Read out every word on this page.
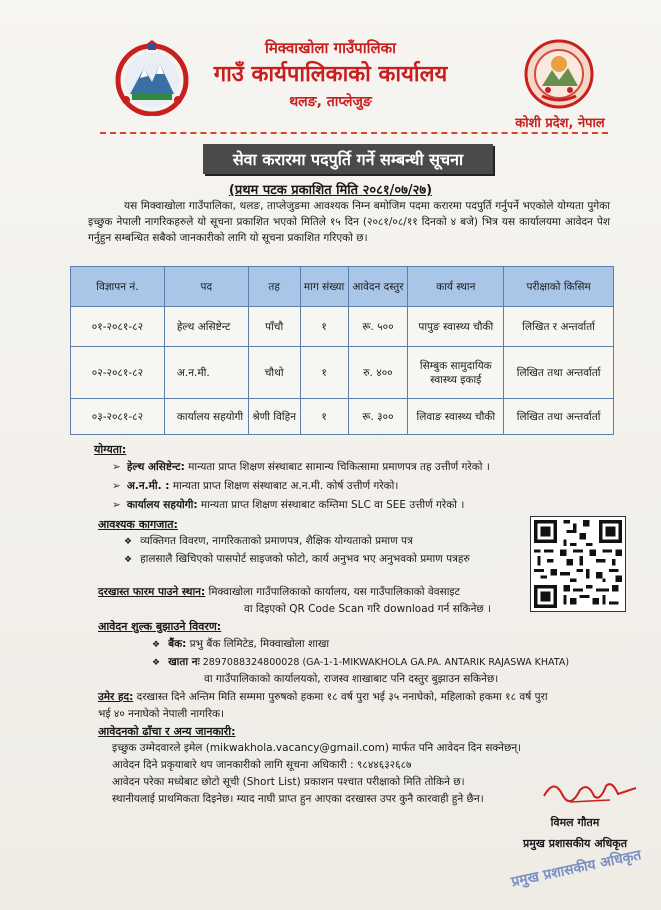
मिक्वाखोला गाउँपालिका
गाउँ कार्यपालिकाको कार्यालय
थलङ, ताप्लेजुङ
कोशी प्रदेश, नेपाल
सेवा करारमा पदपुर्ति गर्ने सम्बन्धी सूचना
(प्रथम पटक प्रकाशित मिति २०८१/०७/२७)
यस मिक्वाखोला गाउँपालिका, थलङ, ताप्लेजुङमा आवश्यक निम्न बमोजिम पदमा करारमा पदपुर्ति गर्नुपर्ने भएकोले योग्यता पुगेका इच्छुक नेपाली नागरिकहरुले यो सूचना प्रकाशित भएको मितिले १५ दिन (२०८१/०८/११ दिनको ४ बजे) भित्र यस कार्यालयमा आवेदन पेश गर्नुहुन सम्बन्धित सबैको जानकारीको लागि यो सूचना प्रकाशित गरिएको छ।
विज्ञापन नं.	पद	तह	माग संख्या	आवेदन दस्तुर	कार्य स्थान	परीक्षाको किसिम
०१-२०८१-८२	हेल्थ असिष्टेन्ट	पाँचौ	१	रू. ५००	पापुङ स्वास्थ्य चौकी	लिखित र अन्तर्वार्ता
०२-२०८१-८२	अ.न.मी.	चौथो	१	रु. ४००	सिम्बुक सामुदायिक स्वास्थ्य इकाई	लिखित तथा अन्तर्वार्ता
०३-२०८१-८२	कार्यालय सहयोगी	श्रेणी विहिन	१	रू. ३००	लिवाङ स्वास्थ्य चौकी	लिखित तथा अन्तर्वार्ता
योग्यता:
➢ हेल्थ असिष्टेन्ट: मान्यता प्राप्त शिक्षण संस्थाबाट सामान्य चिकित्सामा प्रमाणपत्र तह उत्तीर्ण गरेको ।
➢ अ.न.मी. : मान्यता प्राप्त शिक्षण संस्थाबाट अ.न.मी. कोर्ष उत्तीर्ण गरेको।
➢ कार्यालय सहयोगी: मान्यता प्राप्त शिक्षण संस्थाबाट कम्तिमा SLC वा SEE उत्तीर्ण गरेको ।
आवश्यक कागजात:
❖ व्यक्तिगत विवरण, नागरिकताको प्रमाणपत्र, शैक्षिक योग्यताको प्रमाण पत्र
❖ हालसालै खिचिएको पासपोर्ट साइजको फोटो, कार्य अनुभव भए अनुभवको प्रमाण पत्रहरु
दरखास्त फारम पाउने स्थान: मिक्वाखोला गाउँपालिकाको कार्यालय, यस गाउँपालिकाको वेवसाइट
वा दिइएको QR Code Scan गरि download गर्न सकिनेछ ।
आवेदन शुल्क बुझाउने विवरण:
❖ बैंक: प्रभु बैंक लिमिटेड, मिक्वाखोला शाखा
❖ खाता नः 2897088324800028 (GA-1-1-MIKWAKHOLA GA.PA. ANTARIK RAJASWA KHATA)
वा गाउँपालिकाको कार्यालयको, राजस्व शाखाबाट पनि दस्तुर बुझाउन सकिनेछ।
उमेर हद: दरखास्त दिने अन्तिम मिति सम्ममा पुरुषको हकमा १८ वर्ष पुरा भई ३५ ननाघेको, महिलाको हकमा १८ वर्ष पुरा
भई ४० ननाघेको नेपाली नागरिक।
आवेदनको ढाँचा र अन्य जानकारी:
इच्छुक उम्मेदवारले इमेल (mikwakhola.vacancy@gmail.com) मार्फत पनि आवेदन दिन सक्नेछन्।
आवेदन दिने प्रकृयाबारे थप जानकारीको लागि सूचना अधिकारी : ९८४४६३२६८७
आवेदन परेका मध्येबाट छोटो सूची (Short List) प्रकाशन पश्चात परीक्षाको मिति तोकिने छ।
स्थानीयलाई प्राथमिकता दिइनेछ। म्याद नाघी प्राप्त हुन आएका दरखास्त उपर कुनै कारवाही हुने छैन।
विमल गौतम
प्रमुख प्रशासकीय अधिकृत
प्रमुख प्रशासकीय अधिकृत
